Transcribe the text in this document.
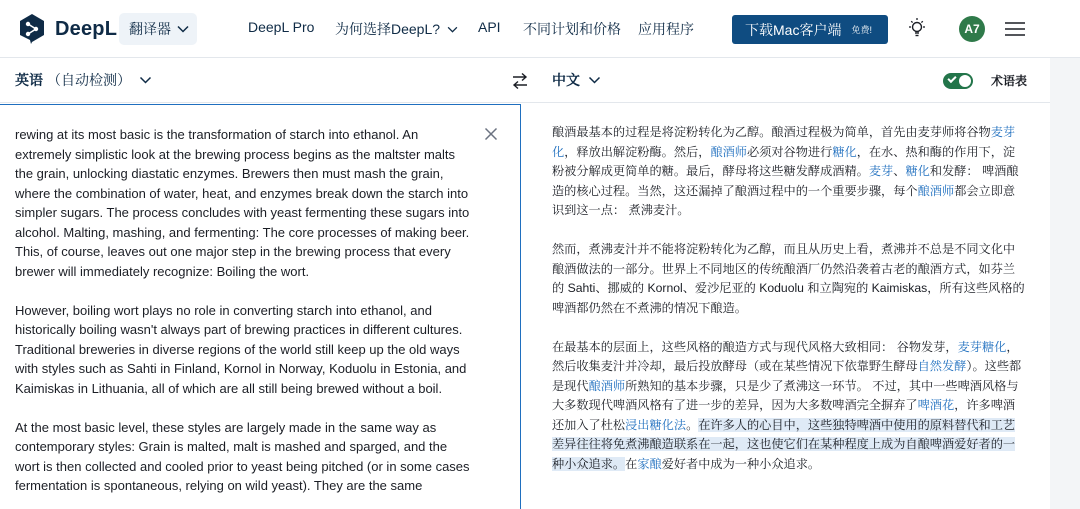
DeepL 翻译器	DeepL Pro 为何选择DeepL?	API 不同计划和价格 应用程序	下载Mac客户端 免费!	A7
英语 （自动检测）

rewing at its most basic is the transformation of starch into ethanol. An extremely simplistic look at the brewing process begins as the maltster malts the grain, unlocking diastatic enzymes. Brewers then must mash the grain, where the combination of water, heat, and enzymes break down the starch into simpler sugars. The process concludes with yeast fermenting these sugars into alcohol. Malting, mashing, and fermenting: The core processes of making beer. This, of course, leaves out one major step in the brewing process that every brewer will immediately recognize: Boiling the wort.

However, boiling wort plays no role in converting starch into ethanol, and historically boiling wasn't always part of brewing practices in different cultures. Traditional breweries in diverse regions of the world still keep up the old ways with styles such as Sahti in Finland, Kornol in Norway, Koduolu in Estonia, and Kaimiskas in Lithuania, all of which are all still being brewed without a boil.

At the most basic level, these styles are largely made in the same way as contemporary styles: Grain is malted, malt is mashed and sparged, and the wort is then collected and cooled prior to yeast being pitched (or in some cases fermentation is spontaneous, relying on wild yeast). They are the same

中文	术语表

酿酒最基本的过程是将淀粉转化为乙醇。酿酒过程极为简单，首先由麦芽师将谷物麦芽化，释放出解淀粉酶。然后，酿酒师必须对谷物进行糖化，在水、热和酶的作用下，淀粉被分解成更简单的糖。最后，酵母将这些糖发酵成酒精。麦芽、糖化和发酵： 啤酒酿造的核心过程。当然，这还漏掉了酿酒过程中的一个重要步骤，每个酿酒师都会立即意识到这一点： 煮沸麦汁。

然而，煮沸麦汁并不能将淀粉转化为乙醇，而且从历史上看，煮沸并不总是不同文化中酿酒做法的一部分。世界上不同地区的传统酿酒厂仍然沿袭着古老的酿酒方式，如芬兰的 Sahti、挪威的 Kornol、爱沙尼亚的 Koduolu 和立陶宛的 Kaimiskas，所有这些风格的啤酒都仍然在不煮沸的情况下酿造。

在最基本的层面上，这些风格的酿造方式与现代风格大致相同： 谷物发芽，麦芽糖化，然后收集麦汁并冷却，最后投放酵母（或在某些情况下依靠野生酵母自然发酵）。这些都是现代酿酒师所熟知的基本步骤，只是少了煮沸这一环节。 不过，其中一些啤酒风格与大多数现代啤酒风格有了进一步的差异，因为大多数啤酒完全摒弃了啤酒花，许多啤酒还加入了杜松浸出糖化法。在许多人的心目中，这些独特啤酒中使用的原料替代和工艺差异往往将免煮沸酿造联系在一起，这也使它们在某种程度上成为自酿啤酒爱好者的一种小众追求。在家酿爱好者中成为一种小众追求。
